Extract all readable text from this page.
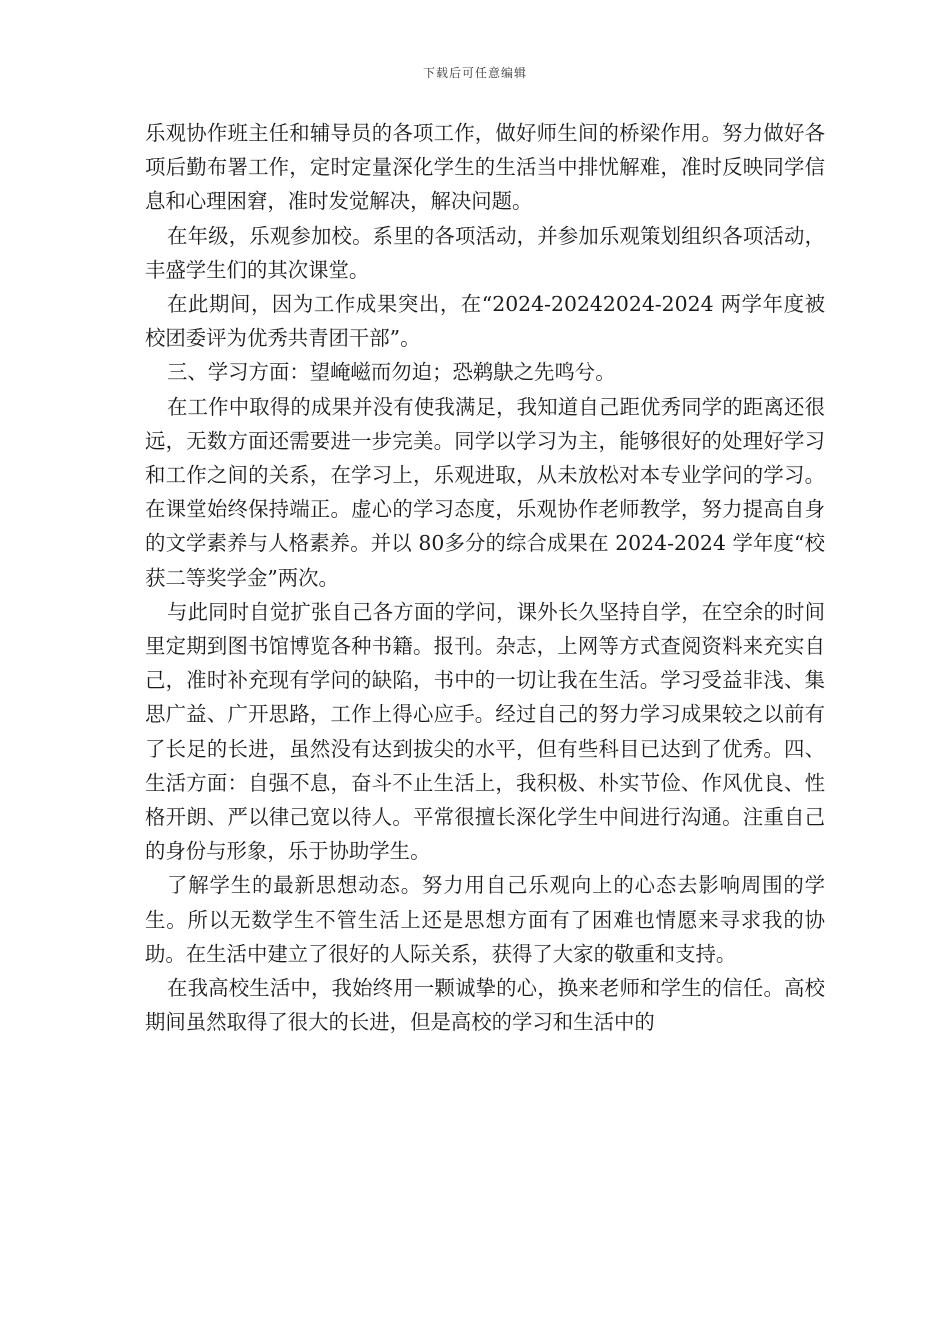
下载后可任意编辑

乐观协作班主任和辅导员的各项工作，做好师生间的桥梁作用。努力做好各项后勤布署工作，定时定量深化学生的生活当中排忧解难，准时反映同学信息和心理困窘，准时发觉解决，解决问题。

在年级，乐观参加校。系里的各项活动，并参加乐观策划组织各项活动，丰盛学生们的其次课堂。

在此期间，因为工作成果突出，在“2024-20242024-2024 两学年度被校团委评为优秀共青团干部”。

三、学习方面：望崦嵫而勿迫；恐鹈鴃之先鸣兮。

在工作中取得的成果并没有使我满足，我知道自己距优秀同学的距离还很远，无数方面还需要进一步完美。同学以学习为主，能够很好的处理好学习和工作之间的关系，在学习上，乐观进取，从未放松对本专业学问的学习。在课堂始终保持端正。虚心的学习态度，乐观协作老师教学，努力提高自身的文学素养与人格素养。并以 80多分的综合成果在 2024-2024 学年度“校获二等奖学金”两次。

与此同时自觉扩张自己各方面的学问，课外长久坚持自学，在空余的时间里定期到图书馆博览各种书籍。报刊。杂志，上网等方式查阅资料来充实自己，准时补充现有学问的缺陷，书中的一切让我在生活。学习受益非浅、集思广益、广开思路，工作上得心应手。经过自己的努力学习成果较之以前有了长足的长进，虽然没有达到拔尖的水平，但有些科目已达到了优秀。四、生活方面：自强不息，奋斗不止生活上，我积极、朴实节俭、作风优良、性格开朗、严以律己宽以待人。平常很擅长深化学生中间进行沟通。注重自己的身份与形象，乐于协助学生。

了解学生的最新思想动态。努力用自己乐观向上的心态去影响周围的学生。所以无数学生不管生活上还是思想方面有了困难也情愿来寻求我的协助。在生活中建立了很好的人际关系，获得了大家的敬重和支持。

在我高校生活中，我始终用一颗诚挚的心，换来老师和学生的信任。高校期间虽然取得了很大的长进，但是高校的学习和生活中的
